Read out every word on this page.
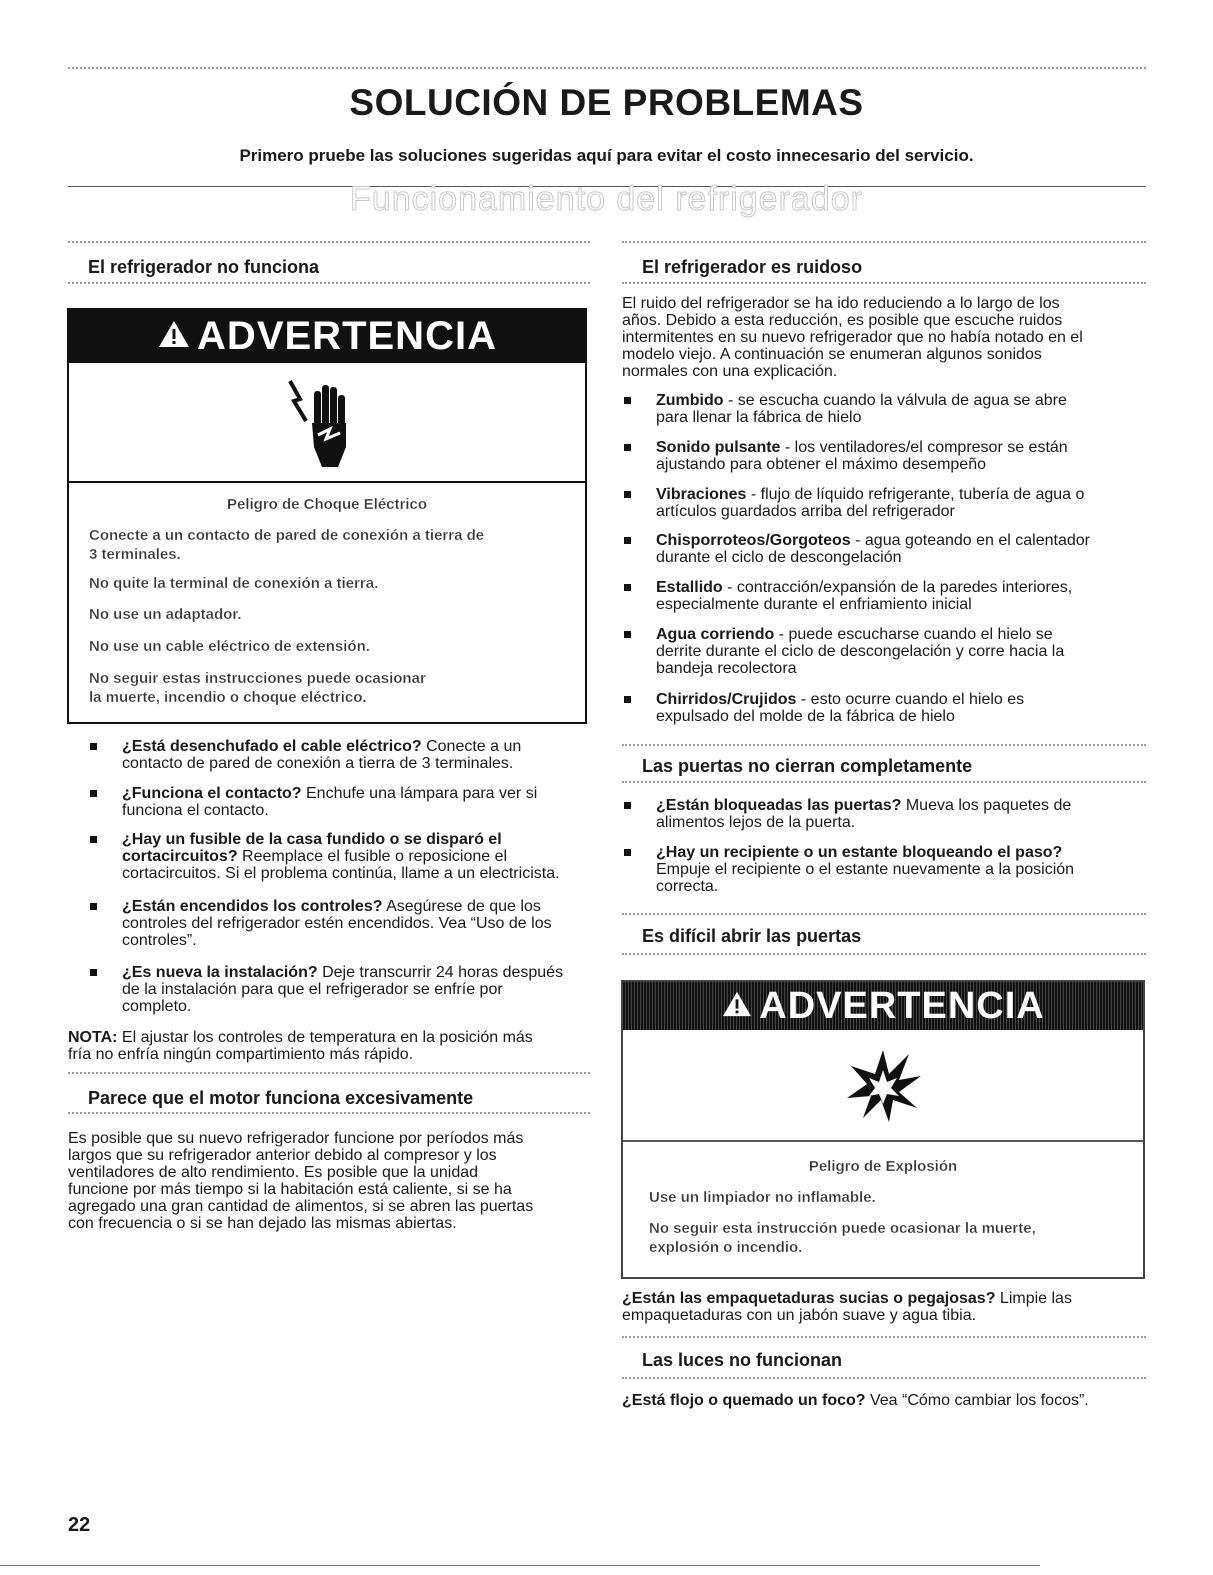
SOLUCIÓN DE PROBLEMAS
Primero pruebe las soluciones sugeridas aquí para evitar el costo innecesario del servicio.
Funcionamiento del refrigerador
El refrigerador no funciona
ADVERTENCIA
Peligro de Choque Eléctrico
Conecte a un contacto de pared de conexión a tierra de
3 terminales.
No quite la terminal de conexión a tierra.
No use un adaptador.
No use un cable eléctrico de extensión.
No seguir estas instrucciones puede ocasionar
la muerte, incendio o choque eléctrico.
¿Está desenchufado el cable eléctrico? Conecte a un
contacto de pared de conexión a tierra de 3 terminales.
¿Funciona el contacto? Enchufe una lámpara para ver si
funciona el contacto.
¿Hay un fusible de la casa fundido o se disparó el
cortacircuitos? Reemplace el fusible o reposicione el
cortacircuitos. Si el problema continúa, llame a un electricista.
¿Están encendidos los controles? Asegúrese de que los
controles del refrigerador estén encendidos. Vea “Uso de los
controles”.
¿Es nueva la instalación? Deje transcurrir 24 horas después
de la instalación para que el refrigerador se enfríe por
completo.
NOTA: El ajustar los controles de temperatura en la posición más
fría no enfría ningún compartimiento más rápido.
Parece que el motor funciona excesivamente
Es posible que su nuevo refrigerador funcione por períodos más
largos que su refrigerador anterior debido al compresor y los
ventiladores de alto rendimiento. Es posible que la unidad
funcione por más tiempo si la habitación está caliente, si se ha
agregado una gran cantidad de alimentos, si se abren las puertas
con frecuencia o si se han dejado las mismas abiertas.
El refrigerador es ruidoso
El ruido del refrigerador se ha ido reduciendo a lo largo de los
años. Debido a esta reducción, es posible que escuche ruidos
intermitentes en su nuevo refrigerador que no había notado en el
modelo viejo. A continuación se enumeran algunos sonidos
normales con una explicación.
Zumbido - se escucha cuando la válvula de agua se abre
para llenar la fábrica de hielo
Sonido pulsante - los ventiladores/el compresor se están
ajustando para obtener el máximo desempeño
Vibraciones - flujo de líquido refrigerante, tubería de agua o
artículos guardados arriba del refrigerador
Chisporroteos/Gorgoteos - agua goteando en el calentador
durante el ciclo de descongelación
Estallido - contracción/expansión de la paredes interiores,
especialmente durante el enfriamiento inicial
Agua corriendo - puede escucharse cuando el hielo se
derrite durante el ciclo de descongelación y corre hacia la
bandeja recolectora
Chirridos/Crujidos - esto ocurre cuando el hielo es
expulsado del molde de la fábrica de hielo
Las puertas no cierran completamente
¿Están bloqueadas las puertas? Mueva los paquetes de
alimentos lejos de la puerta.
¿Hay un recipiente o un estante bloqueando el paso?
Empuje el recipiente o el estante nuevamente a la posición
correcta.
Es difícil abrir las puertas
ADVERTENCIA
Peligro de Explosión
Use un limpiador no inflamable.
No seguir esta instrucción puede ocasionar la muerte,
explosión o incendio.
¿Están las empaquetaduras sucias o pegajosas? Limpie las
empaquetaduras con un jabón suave y agua tibia.
Las luces no funcionan
¿Está flojo o quemado un foco? Vea “Cómo cambiar los focos”.
22
